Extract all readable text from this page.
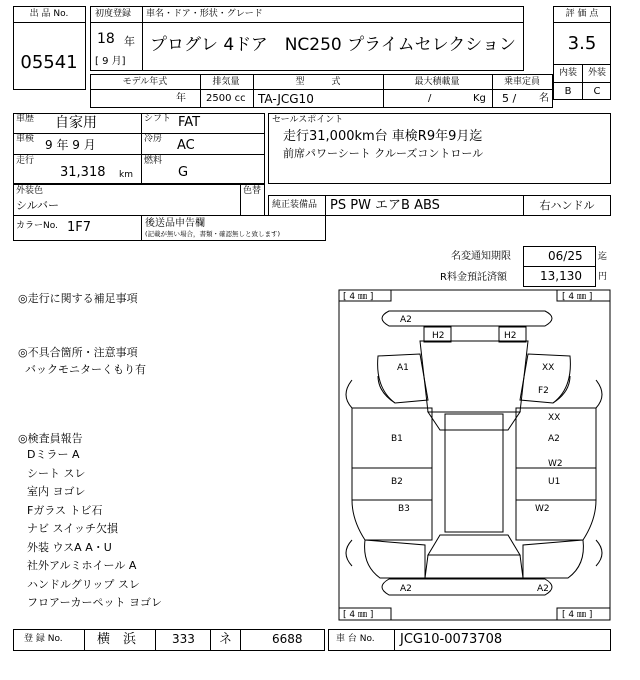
出 品 No.
05541
初度登録 車名・ドア・形状・グレード
18 年
[ 9 月]
プログレ 4ドア　NC250 プライムセレクション
評 価 点
3.5
内装 外装
B C
モデル年式	排気量	型　　　式	最大積載量	乗車定員
年 2500 cc TA-JCG10	/	Kg 5 / 名
車歴 自家用
車検 9 年 9 月
走行
31,318 km
シフト FAT
冷房 AC
燃料
G
セールスポイント
走行31,000km台 車検R9年9月迄
前席パワーシート クルーズコントロール
外装色
シルバー
色替
純正装備品 PS PW エアB ABS	右ハンドル
カラーNo. 1F7	後送品申告欄
(記載が無い場合，書類・確認無しと致します)
名変通知期限	06/25 迄
R料金預託済額	13,130 円
◎走行に関する補足事項
◎不具合箇所・注意事項
バックモニターくもり有
◎検査員報告
Dミラー A
シート スレ
室内 ヨゴレ
Fガラス トビ石
ナビ スイッチ欠損
外装 ウスA A・U
社外アルミホイール A
ハンドルグリップ スレ
フロアーカーペット ヨゴレ
[ 4 ㎜ ]	[ 4 ㎜ ]
[ 4 ㎜ ]	[ 4 ㎜ ]
A2
H2	H2
A1	XX
F2
XX
B1	A2
W2
U1
B2
B3	W2
A2	A2
登 録 No.	横　浜	333 ネ	6688	車 台 No. JCG10-0073708
